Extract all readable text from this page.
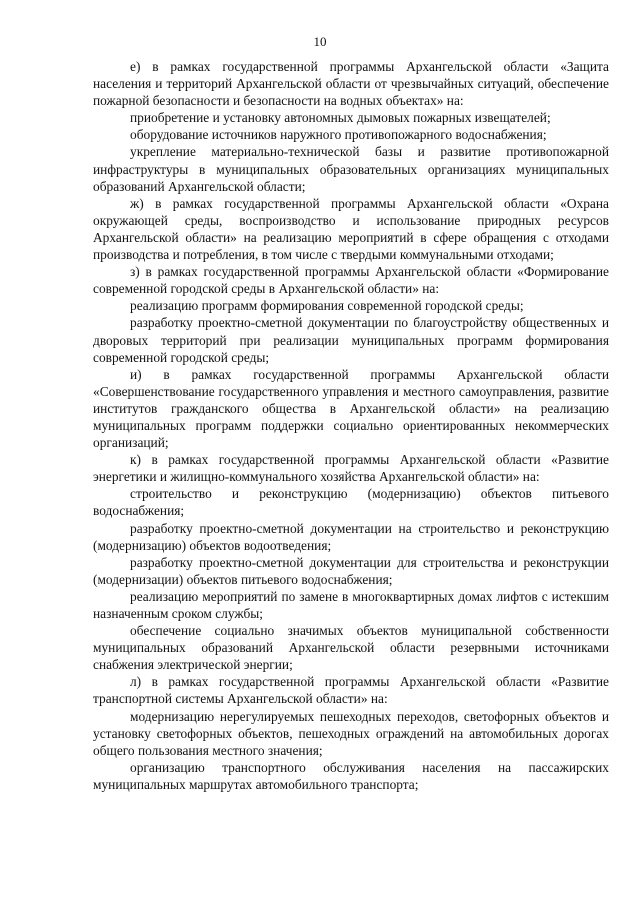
10

е) в рамках государственной программы Архангельской области «Защита населения и территорий Архангельской области от чрезвычайных ситуаций, обеспечение пожарной безопасности и безопасности на водных объектах» на:

приобретение и установку автономных дымовых пожарных извещателей;

оборудование источников наружного противопожарного водоснабжения;

укрепление материально-технической базы и развитие противопожарной инфраструктуры в муниципальных образовательных организациях муниципальных образований Архангельской области;

ж) в рамках государственной программы Архангельской области «Охрана окружающей среды, воспроизводство и использование природных ресурсов Архангельской области» на реализацию мероприятий в сфере обращения с отходами производства и потребления, в том числе с твердыми коммунальными отходами;

з) в рамках государственной программы Архангельской области «Формирование современной городской среды в Архангельской области» на:

реализацию программ формирования современной городской среды;

разработку проектно-сметной документации по благоустройству общественных и дворовых территорий при реализации муниципальных программ формирования современной городской среды;

и) в рамках государственной программы Архангельской области «Совершенствование государственного управления и местного самоуправления, развитие институтов гражданского общества в Архангельской области» на реализацию муниципальных программ поддержки социально ориентированных некоммерческих организаций;

к) в рамках государственной программы Архангельской области «Развитие энергетики и жилищно-коммунального хозяйства Архангельской области» на:

строительство и реконструкцию (модернизацию) объектов питьевого водоснабжения;

разработку проектно-сметной документации на строительство и реконструкцию (модернизацию) объектов водоотведения;

разработку проектно-сметной документации для строительства и реконструкции (модернизации) объектов питьевого водоснабжения;

реализацию мероприятий по замене в многоквартирных домах лифтов с истекшим назначенным сроком службы;

обеспечение социально значимых объектов муниципальной собственности муниципальных образований Архангельской области резервными источниками снабжения электрической энергии;

л) в рамках государственной программы Архангельской области «Развитие транспортной системы Архангельской области» на:

модернизацию нерегулируемых пешеходных переходов, светофорных объектов и установку светофорных объектов, пешеходных ограждений на автомобильных дорогах общего пользования местного значения;

организацию транспортного обслуживания населения на пассажирских муниципальных маршрутах автомобильного транспорта;
